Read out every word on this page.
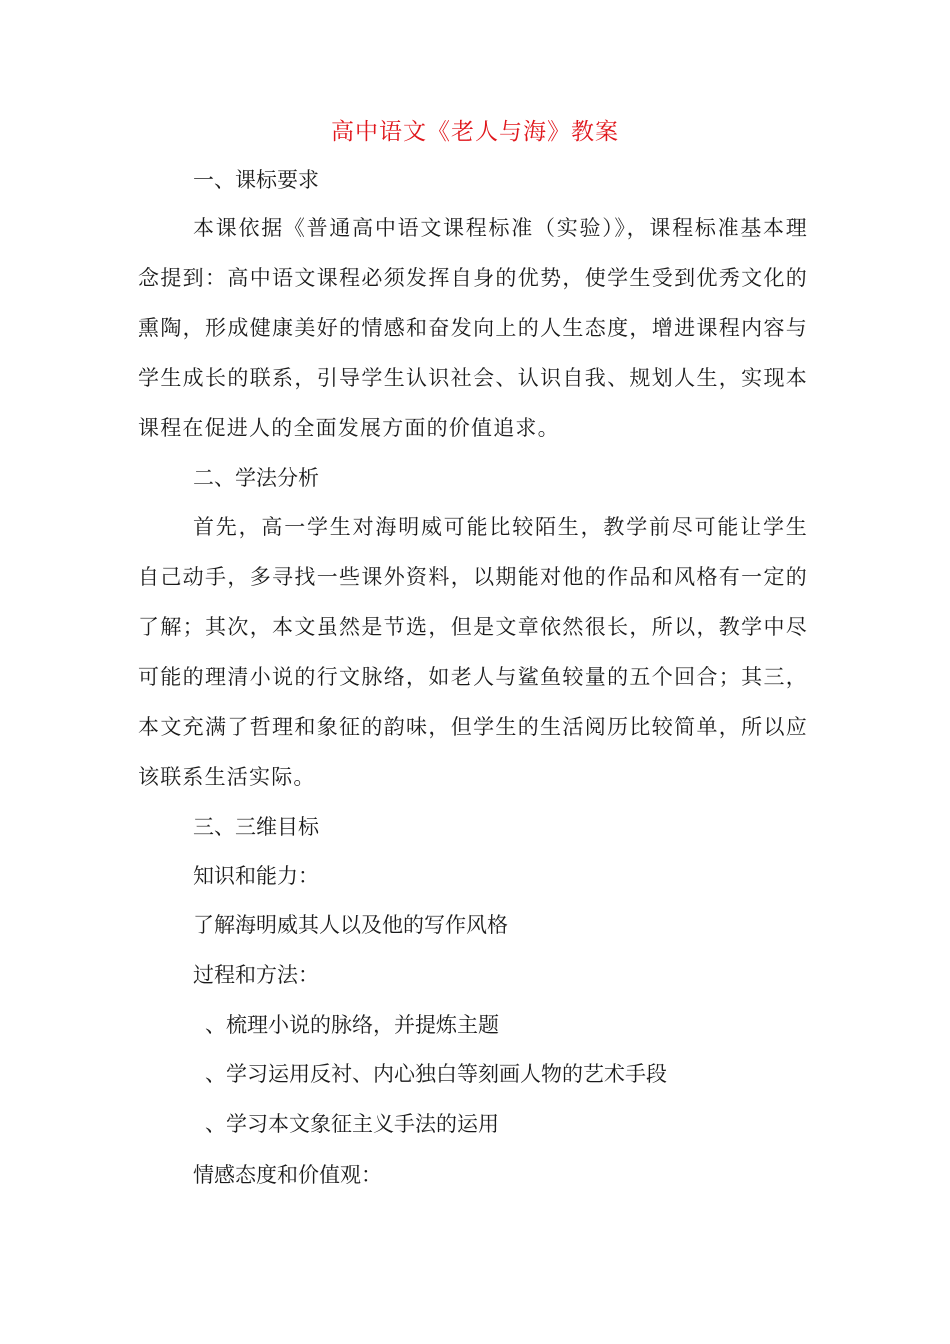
高中语文《老人与海》教案
一、课标要求
本课依据《普通高中语文课程标准（实验）》，课程标准基本理念提到：高中语文课程必须发挥自身的优势，使学生受到优秀文化的熏陶，形成健康美好的情感和奋发向上的人生态度，增进课程内容与学生成长的联系，引导学生认识社会、认识自我、规划人生，实现本课程在促进人的全面发展方面的价值追求。
二、学法分析
首先，高一学生对海明威可能比较陌生，教学前尽可能让学生自己动手，多寻找一些课外资料，以期能对他的作品和风格有一定的了解；其次，本文虽然是节选，但是文章依然很长，所以，教学中尽可能的理清小说的行文脉络，如老人与鲨鱼较量的五个回合；其三，本文充满了哲理和象征的韵味，但学生的生活阅历比较简单，所以应该联系生活实际。
三、三维目标
知识和能力：
了解海明威其人以及他的写作风格
过程和方法：
、梳理小说的脉络，并提炼主题
、学习运用反衬、内心独白等刻画人物的艺术手段
、学习本文象征主义手法的运用
情感态度和价值观：
